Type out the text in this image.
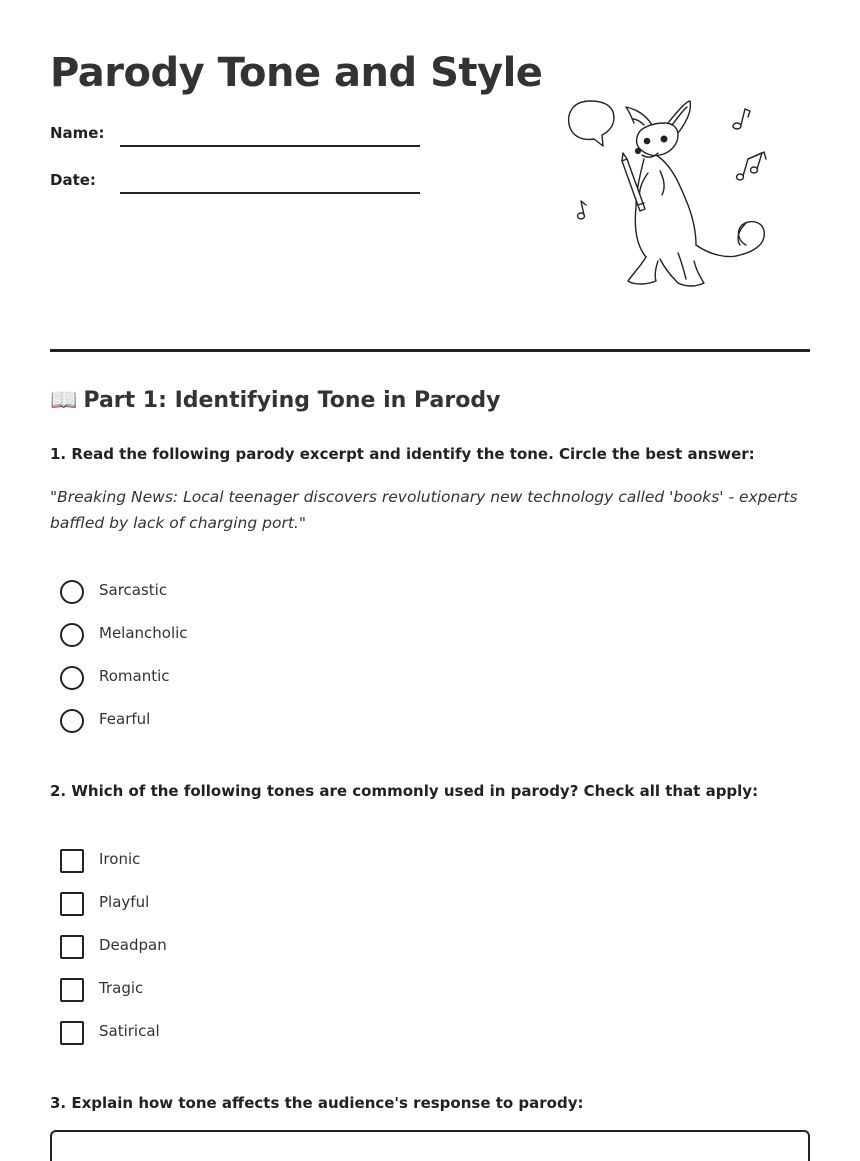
Parody Tone and Style
Name:
Date:
📖 Part 1: Identifying Tone in Parody
1. Read the following parody excerpt and identify the tone. Circle the best answer:
"Breaking News: Local teenager discovers revolutionary new technology called 'books' - experts baffled by lack of charging port."
Sarcastic
Melancholic
Romantic
Fearful
2. Which of the following tones are commonly used in parody? Check all that apply:
Ironic
Playful
Deadpan
Tragic
Satirical
3. Explain how tone affects the audience's response to parody:
